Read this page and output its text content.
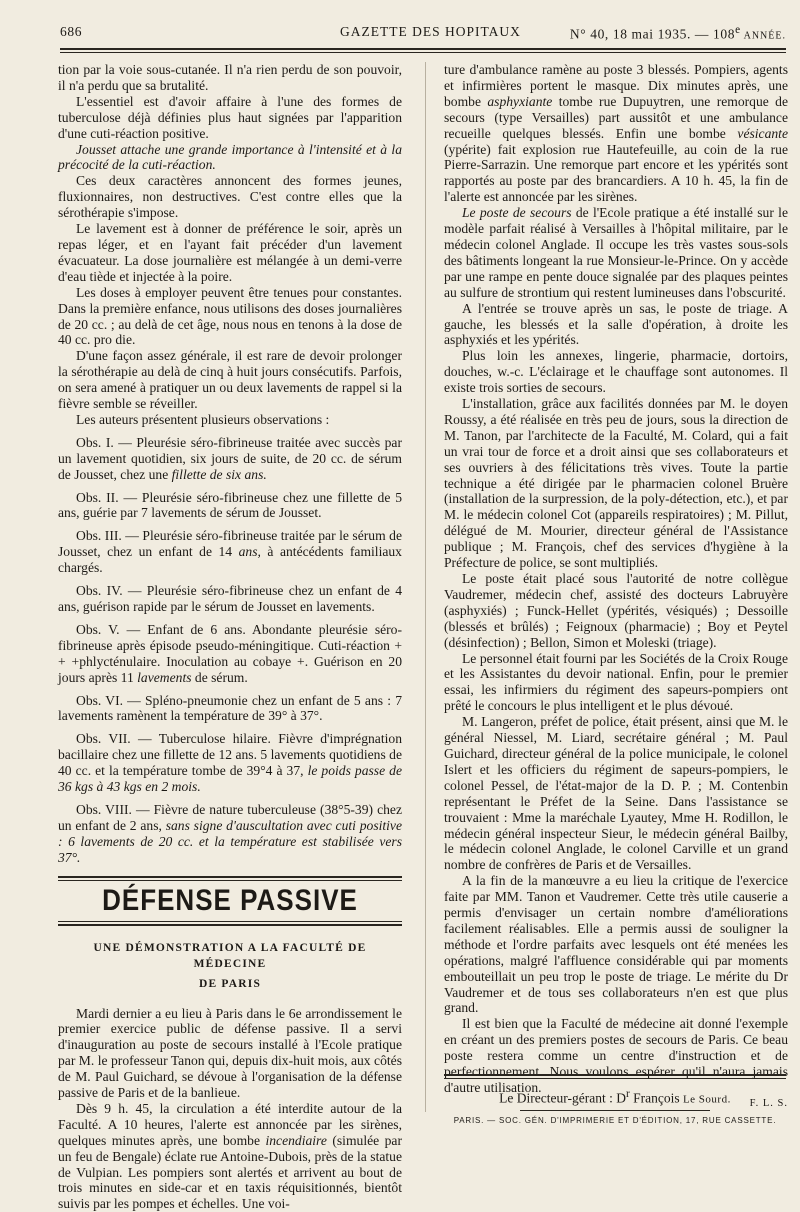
686	GAZETTE DES HOPITAUX	N° 40, 18 mai 1935. — 108e ANNÉE.

tion par la voie sous-cutanée. Il n'a rien perdu de son pouvoir, il n'a perdu que sa brutalité.

L'essentiel est d'avoir affaire à l'une des formes de tuberculose déjà définies plus haut signées par l'apparition d'une cuti-réaction positive.

Jousset attache une grande importance à l'intensité et à la précocité de la cuti-réaction.

Ces deux caractères annoncent des formes jeunes, fluxionnaires, non destructives. C'est contre elles que la sérothérapie s'impose.

Le lavement est à donner de préférence le soir, après un repas léger, et en l'ayant fait précéder d'un lavement évacuateur. La dose journalière est mélangée à un demi-verre d'eau tiède et injectée à la poire.

Les doses à employer peuvent être tenues pour constantes. Dans la première enfance, nous utilisons des doses journalières de 20 cc. ; au delà de cet âge, nous nous en tenons à la dose de 40 cc. pro die.

D'une façon assez générale, il est rare de devoir prolonger la sérothérapie au delà de cinq à huit jours consécutifs. Parfois, on sera amené à pratiquer un ou deux lavements de rappel si la fièvre semble se réveiller.

Les auteurs présentent plusieurs observations :

Obs. I. — Pleurésie séro-fibrineuse traitée avec succès par un lavement quotidien, six jours de suite, de 20 cc. de sérum de Jousset, chez une fillette de six ans.

Obs. II. — Pleurésie séro-fibrineuse chez une fillette de 5 ans, guérie par 7 lavements de sérum de Jousset.

Obs. III. — Pleurésie séro-fibrineuse traitée par le sérum de Jousset, chez un enfant de 14 ans, à antécédents familiaux chargés.

Obs. IV. — Pleurésie séro-fibrineuse chez un enfant de 4 ans, guérison rapide par le sérum de Jousset en lavements.

Obs. V. — Enfant de 6 ans. Abondante pleurésie séro-fibrineuse après épisode pseudo-méningitique. Cuti-réaction + + +phlycténulaire. Inoculation au cobaye +. Guérison en 20 jours après 11 lavements de sérum.

Obs. VI. — Spléno-pneumonie chez un enfant de 5 ans : 7 lavements ramènent la température de 39° à 37°.

Obs. VII. — Tuberculose hilaire. Fièvre d'imprégnation bacillaire chez une fillette de 12 ans. 5 lavements quotidiens de 40 cc. et la température tombe de 39°4 à 37, le poids passe de 36 kgs à 43 kgs en 2 mois.

Obs. VIII. — Fièvre de nature tuberculeuse (38°5-39) chez un enfant de 2 ans, sans signe d'auscultation avec cuti positive : 6 lavements de 20 cc. et la température est stabilisée vers 37°.

DÉFENSE PASSIVE
UNE DÉMONSTRATION A LA FACULTÉ DE MÉDECINE
DE PARIS

Mardi dernier a eu lieu à Paris dans le 6e arrondissement le premier exercice public de défense passive. Il a servi d'inauguration au poste de secours installé à l'Ecole pratique par M. le professeur Tanon qui, depuis dix-huit mois, aux côtés de M. Paul Guichard, se dévoue à l'organisation de la défense passive de Paris et de la banlieue.

Dès 9 h. 45, la circulation a été interdite autour de la Faculté. A 10 heures, l'alerte est annoncée par les sirènes, quelques minutes après, une bombe incendiaire (simulée par un feu de Bengale) éclate rue Antoine-Dubois, près de la statue de Vulpian. Les pompiers sont alertés et arrivent au bout de trois minutes en side-car et en taxis réquisitionnés, bientôt suivis par les pompes et échelles. Une voi-

ture d'ambulance ramène au poste 3 blessés. Pompiers, agents et infirmières portent le masque. Dix minutes après, une bombe asphyxiante tombe rue Dupuytren, une remorque de secours (type Versailles) part aussitôt et une ambulance recueille quelques blessés. Enfin une bombe vésicante (ypérite) fait explosion rue Hautefeuille, au coin de la rue Pierre-Sarrazin. Une remorque part encore et les ypérités sont rapportés au poste par des brancardiers. A 10 h. 45, la fin de l'alerte est annoncée par les sirènes.

Le poste de secours de l'Ecole pratique a été installé sur le modèle parfait réalisé à Versailles à l'hôpital militaire, par le médecin colonel Anglade. Il occupe les très vastes sous-sols des bâtiments longeant la rue Monsieur-le-Prince. On y accède par une rampe en pente douce signalée par des plaques peintes au sulfure de strontium qui restent lumineuses dans l'obscurité.

A l'entrée se trouve après un sas, le poste de triage. A gauche, les blessés et la salle d'opération, à droite les asphyxiés et les ypérités.

Plus loin les annexes, lingerie, pharmacie, dortoirs, douches, w.-c. L'éclairage et le chauffage sont autonomes. Il existe trois sorties de secours.

L'installation, grâce aux facilités données par M. le doyen Roussy, a été réalisée en très peu de jours, sous la direction de M. Tanon, par l'architecte de la Faculté, M. Colard, qui a fait un vrai tour de force et a droit ainsi que ses collaborateurs et ses ouvriers à des félicitations très vives. Toute la partie technique a été dirigée par le pharmacien colonel Bruère (installation de la surpression, de la poly-détection, etc.), et par M. le médecin colonel Cot (appareils respiratoires) ; M. Pillut, délégué de M. Mourier, directeur général de l'Assistance publique ; M. François, chef des services d'hygiène à la Préfecture de police, se sont multipliés.

Le poste était placé sous l'autorité de notre collègue Vaudremer, médecin chef, assisté des docteurs Labruyère (asphyxiés) ; Funck-Hellet (ypérités, vésiqués) ; Dessoille (blessés et brûlés) ; Feignoux (pharmacie) ; Boy et Peytel (désinfection) ; Bellon, Simon et Moleski (triage).

Le personnel était fourni par les Sociétés de la Croix Rouge et les Assistantes du devoir national. Enfin, pour le premier essai, les infirmiers du régiment des sapeurs-pompiers ont prêté le concours le plus intelligent et le plus dévoué.

M. Langeron, préfet de police, était présent, ainsi que M. le général Niessel, M. Liard, secrétaire général ; M. Paul Guichard, directeur général de la police municipale, le colonel Islert et les officiers du régiment de sapeurs-pompiers, le colonel Pessel, de l'état-major de la D. P. ; M. Contenbin représentant le Préfet de la Seine. Dans l'assistance se trouvaient : Mme la maréchale Lyautey, Mme H. Rodillon, le médecin général inspecteur Sieur, le médecin général Bailby, le médecin colonel Anglade, le colonel Carville et un grand nombre de confrères de Paris et de Versailles.

A la fin de la manœuvre a eu lieu la critique de l'exercice faite par MM. Tanon et Vaudremer. Cette très utile causerie a permis d'envisager un certain nombre d'améliorations facilement réalisables. Elle a permis aussi de souligner la méthode et l'ordre parfaits avec lesquels ont été menées les opérations, malgré l'affluence considérable qui par moments embouteillait un peu trop le poste de triage. Le mérite du Dr Vaudremer et de tous ses collaborateurs n'en est que plus grand.

Il est bien que la Faculté de médecine ait donné l'exemple en créant un des premiers postes de secours de Paris. Ce beau poste restera comme un centre d'instruction et de perfectionnement. Nous voulons espérer qu'il n'aura jamais d'autre utilisation.

F. L. S.
Le Directeur-gérant : $D^r$ François Le Sourd.
PARIS. — SOC. GÉN. D'IMPRIMERIE ET D'ÉDITION, 17, RUE CASSETTE.
